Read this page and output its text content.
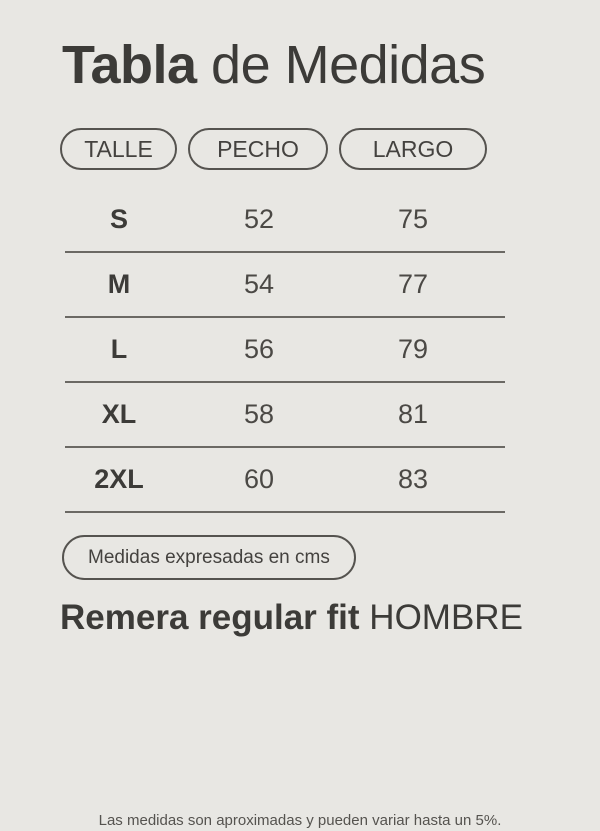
Tabla de Medidas
TALLE	PECHO	LARGO
S	52	75
M	54	77
L	56	79
XL	58	81
2XL	60	83
Medidas expresadas en cms
Remera regular fit HOMBRE
Las medidas son aproximadas y pueden variar hasta un 5%.
